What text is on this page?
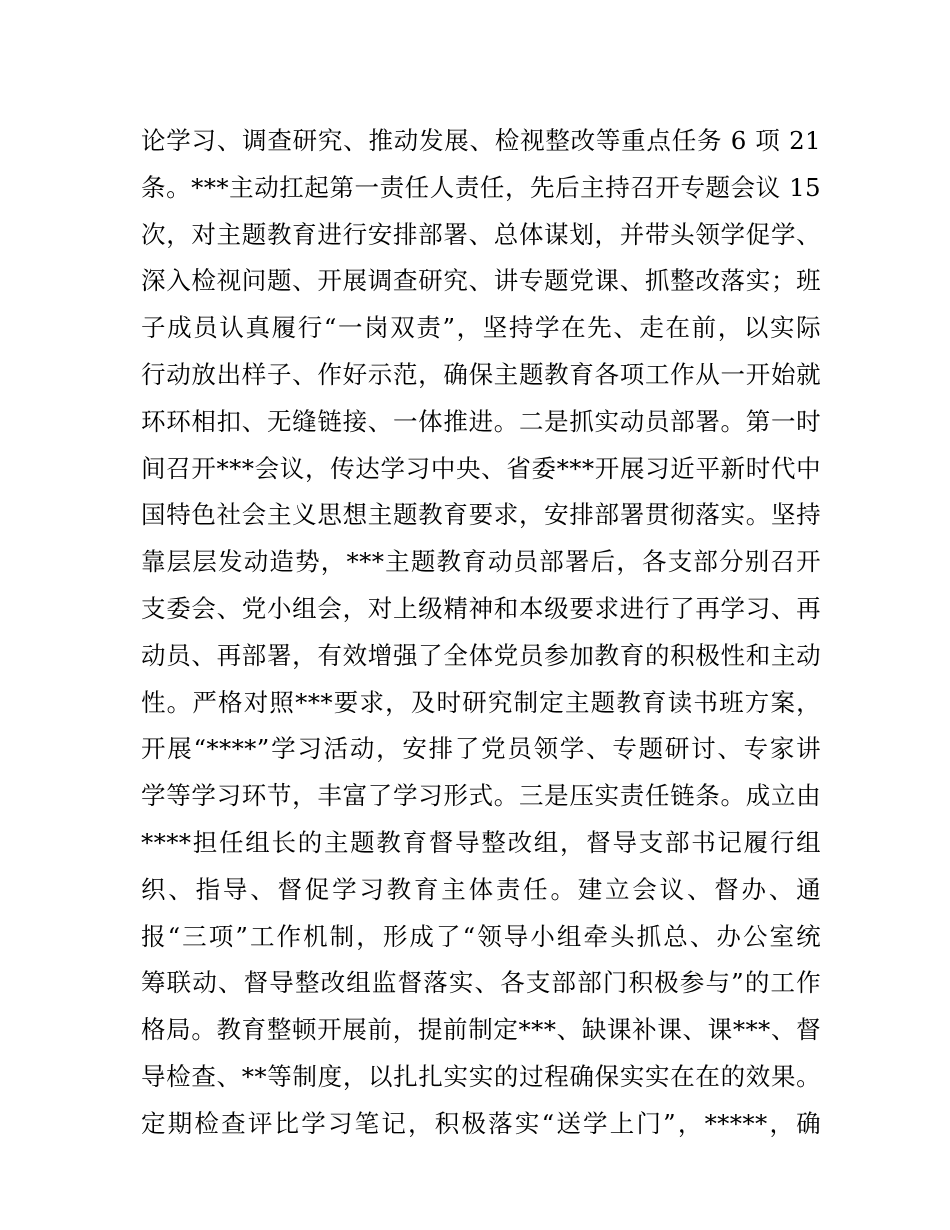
论学习、调查研究、推动发展、检视整改等重点任务 6 项 21
条。***主动扛起第一责任人责任，先后主持召开专题会议 15
次，对主题教育进行安排部署、总体谋划，并带头领学促学、
深入检视问题、开展调查研究、讲专题党课、抓整改落实；班
子成员认真履行“一岗双责”，坚持学在先、走在前，以实际
行动放出样子、作好示范，确保主题教育各项工作从一开始就
环环相扣、无缝链接、一体推进。二是抓实动员部署。第一时
间召开***会议，传达学习中央、省委***开展习近平新时代中
国特色社会主义思想主题教育要求，安排部署贯彻落实。坚持
靠层层发动造势，***主题教育动员部署后，各支部分别召开
支委会、党小组会，对上级精神和本级要求进行了再学习、再
动员、再部署，有效增强了全体党员参加教育的积极性和主动
性。严格对照***要求，及时研究制定主题教育读书班方案，
开展“****”学习活动，安排了党员领学、专题研讨、专家讲
学等学习环节，丰富了学习形式。三是压实责任链条。成立由
****担任组长的主题教育督导整改组，督导支部书记履行组
织、指导、督促学习教育主体责任。建立会议、督办、通
报“三项”工作机制，形成了“领导小组牵头抓总、办公室统
筹联动、督导整改组监督落实、各支部部门积极参与”的工作
格局。教育整顿开展前，提前制定***、缺课补课、课***、督
导检查、**等制度，以扎扎实实的过程确保实实在在的效果。
定期检查评比学习笔记，积极落实“送学上门”，*****，确
